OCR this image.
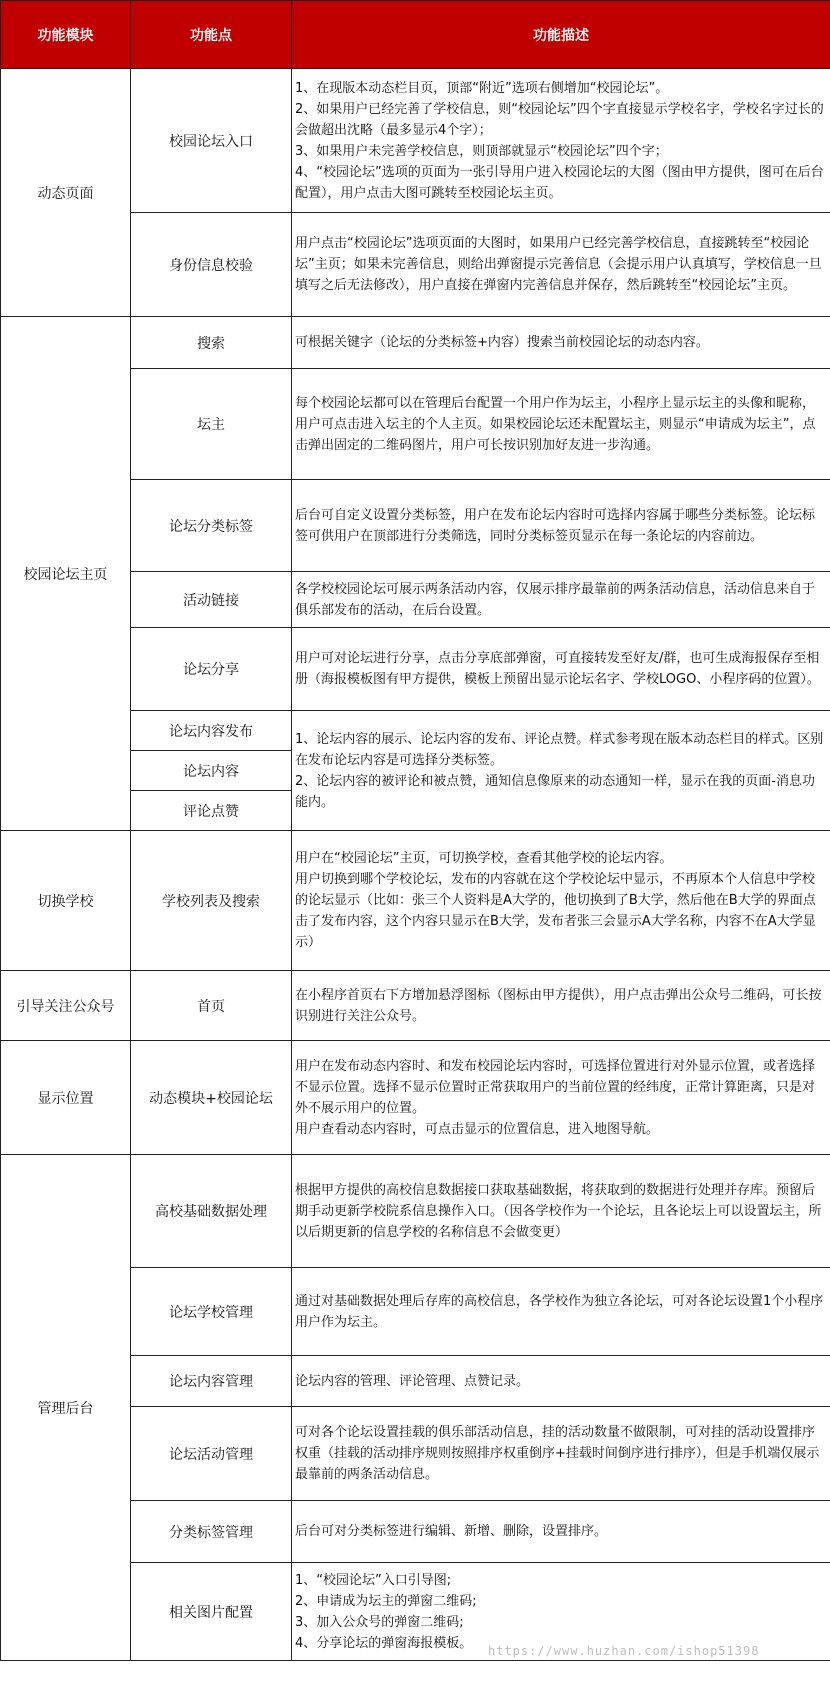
功能模块	功能点	功能描述
动态页面	校园论坛入口	1、在现版本动态栏目页，顶部“附近”选项右侧增加“校园论坛”。
2、如果用户已经完善了学校信息，则“校园论坛”四个字直接显示学校名字，学校名字过长的会做超出沈略（最多显示4个字）；
3、如果用户未完善学校信息，则顶部就显示“校园论坛”四个字；
4、“校园论坛”选项的页面为一张引导用户进入校园论坛的大图（图由甲方提供，图可在后台配置），用户点击大图可跳转至校园论坛主页。

	身份信息校验	用户点击“校园论坛”选项页面的大图时，如果用户已经完善学校信息，直接跳转至“校园论坛”主页；如果未完善信息，则给出弹窗提示完善信息（会提示用户认真填写，学校信息一旦填写之后无法修改），用户直接在弹窗内完善信息并保存，然后跳转至“校园论坛”主页。

校园论坛主页	搜索	可根据关键字（论坛的分类标签+内容）搜索当前校园论坛的动态内容。

	坛主	每个校园论坛都可以在管理后台配置一个用户作为坛主，小程序上显示坛主的头像和昵称，用户可点击进入坛主的个人主页。如果校园论坛还未配置坛主，则显示“申请成为坛主”，点击弹出固定的二维码图片，用户可长按识别加好友进一步沟通。

	论坛分类标签	后台可自定义设置分类标签，用户在发布论坛内容时可选择内容属于哪些分类标签。论坛标签可供用户在顶部进行分类筛选，同时分类标签页显示在每一条论坛的内容前边。

	活动链接	各学校校园论坛可展示两条活动内容，仅展示排序最靠前的两条活动信息，活动信息来自于俱乐部发布的活动，在后台设置。

	论坛分享	用户可对论坛进行分享，点击分享底部弹窗，可直接转发至好友/群，也可生成海报保存至相册（海报模板图有甲方提供，模板上预留出显示论坛名字、学校LOGO、小程序码的位置）。

	论坛内容发布	1、论坛内容的展示、论坛内容的发布、评论点赞。样式参考现在版本动态栏目的样式。区别在发布论坛内容是可选择分类标签。
2、论坛内容的被评论和被点赞，通知信息像原来的动态通知一样，显示在我的页面-消息功能内。

	论坛内容	
	评论点赞	
切换学校	学校列表及搜索	用户在“校园论坛”主页，可切换学校，查看其他学校的论坛内容。
用户切换到哪个学校论坛，发布的内容就在这个学校论坛中显示，不再原本个人信息中学校的论坛显示（比如：张三个人资料是A大学的，他切换到了B大学，然后他在B大学的界面点击了发布内容，这个内容只显示在B大学，发布者张三会显示A大学名称，内容不在A大学显示）

引导关注公众号	首页	在小程序首页右下方增加悬浮图标（图标由甲方提供），用户点击弹出公众号二维码，可长按识别进行关注公众号。

显示位置	动态模块+校园论坛	用户在发布动态内容时、和发布校园论坛内容时，可选择位置进行对外显示位置，或者选择不显示位置。选择不显示位置时正常获取用户的当前位置的经纬度，正常计算距离，只是对外不展示用户的位置。
用户查看动态内容时，可点击显示的位置信息，进入地图导航。

管理后台	高校基础数据处理	根据甲方提供的高校信息数据接口获取基础数据，将获取到的数据进行处理并存库。预留后期手动更新学校院系信息操作入口。（因各学校作为一个论坛，且各论坛上可以设置坛主，所以后期更新的信息学校的名称信息不会做变更）

	论坛学校管理	通过对基础数据处理后存库的高校信息，各学校作为独立各论坛，可对各论坛设置1个小程序用户作为坛主。

	论坛内容管理	论坛内容的管理、评论管理、点赞记录。

	论坛活动管理	可对各个论坛设置挂载的俱乐部活动信息，挂的活动数量不做限制，可对挂的活动设置排序权重（挂载的活动排序规则按照排序权重倒序+挂载时间倒序进行排序），但是手机端仅展示最靠前的两条活动信息。

	分类标签管理	后台可对分类标签进行编辑、新增、删除，设置排序。

	相关图片配置	1、“校园论坛”入口引导图;
2、申请成为坛主的弹窗二维码;
3、加入公众号的弹窗二维码;
4、分享论坛的弹窗海报模板。
https://www.huzhan.com/ishop51398
